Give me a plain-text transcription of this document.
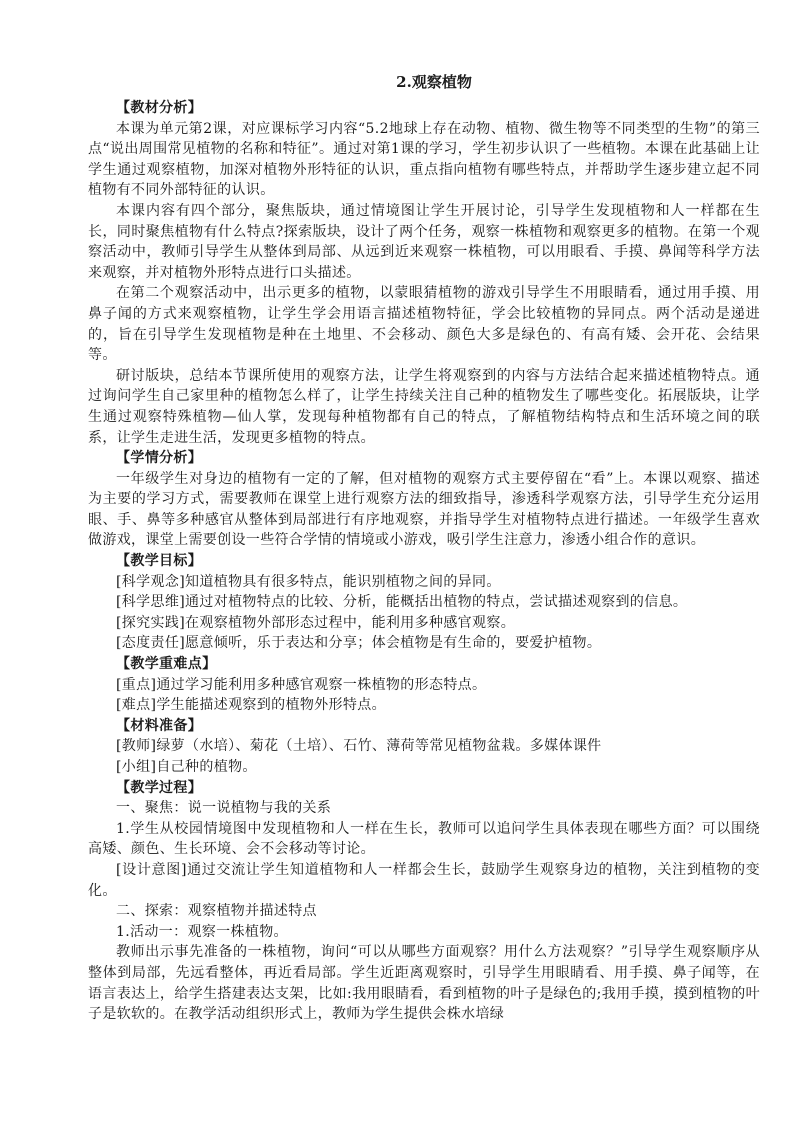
2.观察植物

【教材分析】

本课为单元第2课，对应课标学习内容“5.2地球上存在动物、植物、微生物等不同类型的生物”的第三点“说出周围常见植物的名称和特征”。通过对第1课的学习，学生初步认识了一些植物。本课在此基础上让学生通过观察植物，加深对植物外形特征的认识，重点指向植物有哪些特点，并帮助学生逐步建立起不同植物有不同外部特征的认识。

本课内容有四个部分，聚焦版块，通过情境图让学生开展讨论，引导学生发现植物和人一样都在生长，同时聚焦植物有什么特点?探索版块，设计了两个任务，观察一株植物和观察更多的植物。在第一个观察活动中，教师引导学生从整体到局部、从远到近来观察一株植物，可以用眼看、手摸、鼻闻等科学方法来观察，并对植物外形特点进行口头描述。

在第二个观察活动中，出示更多的植物，以蒙眼猜植物的游戏引导学生不用眼睛看，通过用手摸、用鼻子闻的方式来观察植物，让学生学会用语言描述植物特征，学会比较植物的异同点。两个活动是递进的，旨在引导学生发现植物是种在土地里、不会移动、颜色大多是绿色的、有高有矮、会开花、会结果等。

研讨版块，总结本节课所使用的观察方法，让学生将观察到的内容与方法结合起来描述植物特点。通过询问学生自己家里种的植物怎么样了，让学生持续关注自己种的植物发生了哪些变化。拓展版块，让学生通过观察特殊植物—仙人掌，发现每种植物都有自己的特点，了解植物结构特点和生活环境之间的联系，让学生走进生活，发现更多植物的特点。

【学情分析】

一年级学生对身边的植物有一定的了解，但对植物的观察方式主要停留在“看”上。本课以观察、描述为主要的学习方式，需要教师在课堂上进行观察方法的细致指导，渗透科学观察方法，引导学生充分运用眼、手、鼻等多种感官从整体到局部进行有序地观察，并指导学生对植物特点进行描述。一年级学生喜欢做游戏，课堂上需要创设一些符合学情的情境或小游戏，吸引学生注意力，渗透小组合作的意识。

【教学目标】

[科学观念]知道植物具有很多特点，能识别植物之间的异同。

[科学思维]通过对植物特点的比较、分析，能概括出植物的特点，尝试描述观察到的信息。

[探究实践]在观察植物外部形态过程中，能利用多种感官观察。

[态度责任]愿意倾听，乐于表达和分享；体会植物是有生命的，要爱护植物。

【教学重难点】

[重点]通过学习能利用多种感官观察一株植物的形态特点。

[难点]学生能描述观察到的植物外形特点。

【材料准备】

[教师]绿萝（水培）、菊花（土培）、石竹、薄荷等常见植物盆栽。多媒体课件

[小组]自己种的植物。

【教学过程】

一、聚焦：说一说植物与我的关系

1.学生从校园情境图中发现植物和人一样在生长，教师可以追问学生具体表现在哪些方面？可以围绕高矮、颜色、生长环境、会不会移动等讨论。

[设计意图]通过交流让学生知道植物和人一样都会生长，鼓励学生观察身边的植物，关注到植物的变化。

二、探索：观察植物并描述特点

1.活动一：观察一株植物。

教师出示事先准备的一株植物，询问“可以从哪些方面观察？用什么方法观察？”引导学生观察顺序从整体到局部，先远看整体，再近看局部。学生近距离观察时，引导学生用眼睛看、用手摸、鼻子闻等，在语言表达上，给学生搭建表达支架，比如:我用眼睛看，看到植物的叶子是绿色的;我用手摸，摸到植物的叶子是软软的。在教学活动组织形式上，教师为学生提供会株水培绿
